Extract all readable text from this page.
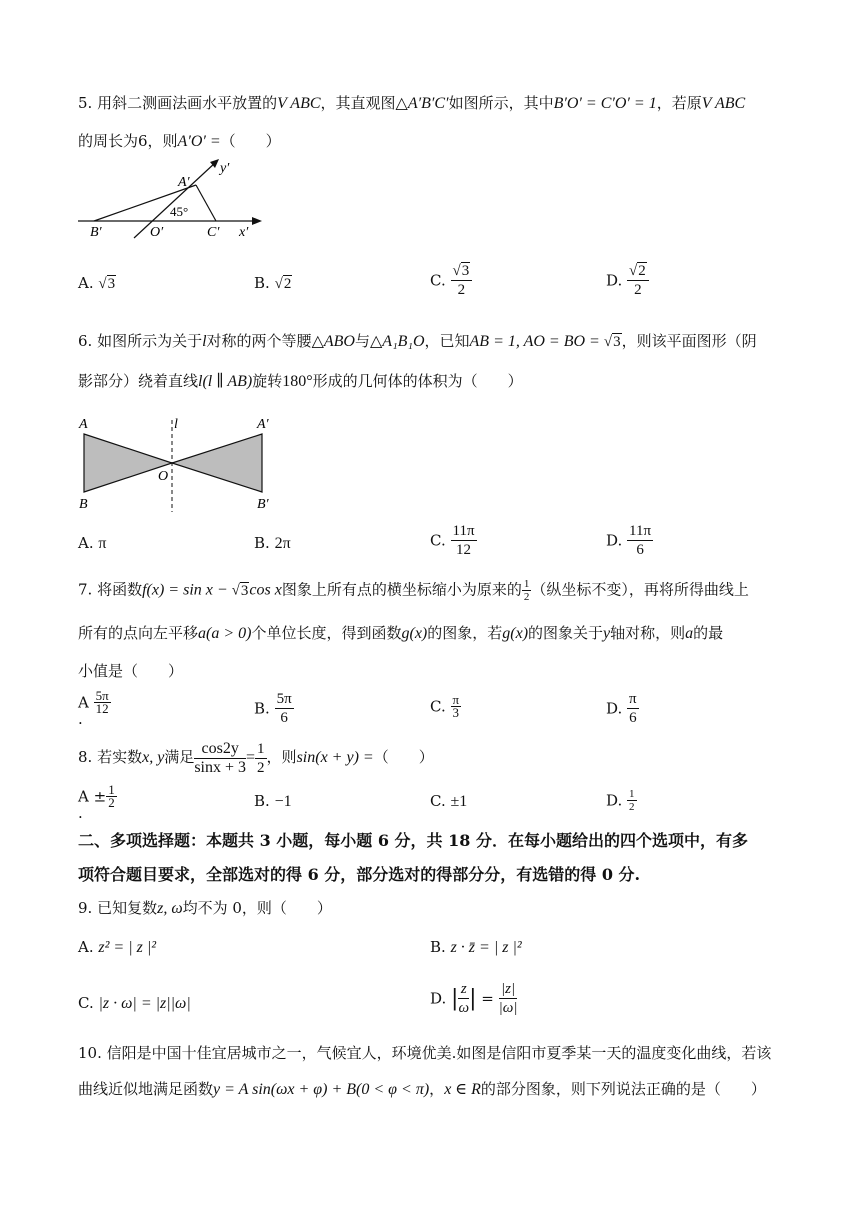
5. 用斜二测画法画水平放置的V ABC，其直观图△A′B′C′如图所示，其中B′O′ = C′O′ = 1，若原V ABC
的周长为6，则A′O′ =（　　）
y′
x′
A′
B′	O′	C′
45°
A. √3	B. √2	C. $\frac{√3}{2}$	D. $\frac{√2}{2}$
6. 如图所示为关于l对称的两个等腰△ABO与△A₁B₁O，已知AB = 1, AO = BO = √3，则该平面图形（阴
影部分）绕着直线l(l ∥ AB)旋转180°形成的几何体的体积为（　　）
A
B
A′
B′
O
l
A. π	B. 2π	C. $\frac{11\pi}{12}$	D. $\frac{11\pi}{6}$
7. 将函数f(x) = sin x − √3cos x图象上所有点的横坐标缩小为原来的 $\frac{1}{2}$ （纵坐标不变），再将所得曲线上
所有的点向左平移a(a > 0)个单位长度，得到函数g(x)的图象，若g(x)的图象关于y轴对称，则a的最
小值是（　　）
A $\frac{5\pi}{12}$
.
B. $\frac{5\pi}{6}$	C. $\frac{\pi}{3}$	D. $\frac{\pi}{6}$
8. 若实数x, y满足 $\frac{\cos 2y}{\sin x + 3} = \frac{1}{2}$ ，则sin(x + y) =（　　）
$A \pm \frac{1}{2}$
.
B. −1	C. ±1	D. $\frac{1}{2}$
二、多项选择题：本题共 3 小题，每小题 6 分，共 18 分．在每小题给出的四个选项中，有多
项符合题目要求，全部选对的得 6 分，部分选对的得部分分，有选错的得 0 分.
9. 已知复数z, ω均不为 0，则（　　）
A. z² = | z |²	B. z · z̄ = | z |²
C. |z · ω| = |z||ω|	D. | $\frac{z}{\omega}$ | = $\frac{|z|}{|\omega|}$
10. 信阳是中国十佳宜居城市之一，气候宜人，环境优美.如图是信阳市夏季某一天的温度变化曲线，若该
曲线近似地满足函数y = A sin(ωx + φ) + B(0 < φ < π)，x ∈ R的部分图象，则下列说法正确的是（　　）
